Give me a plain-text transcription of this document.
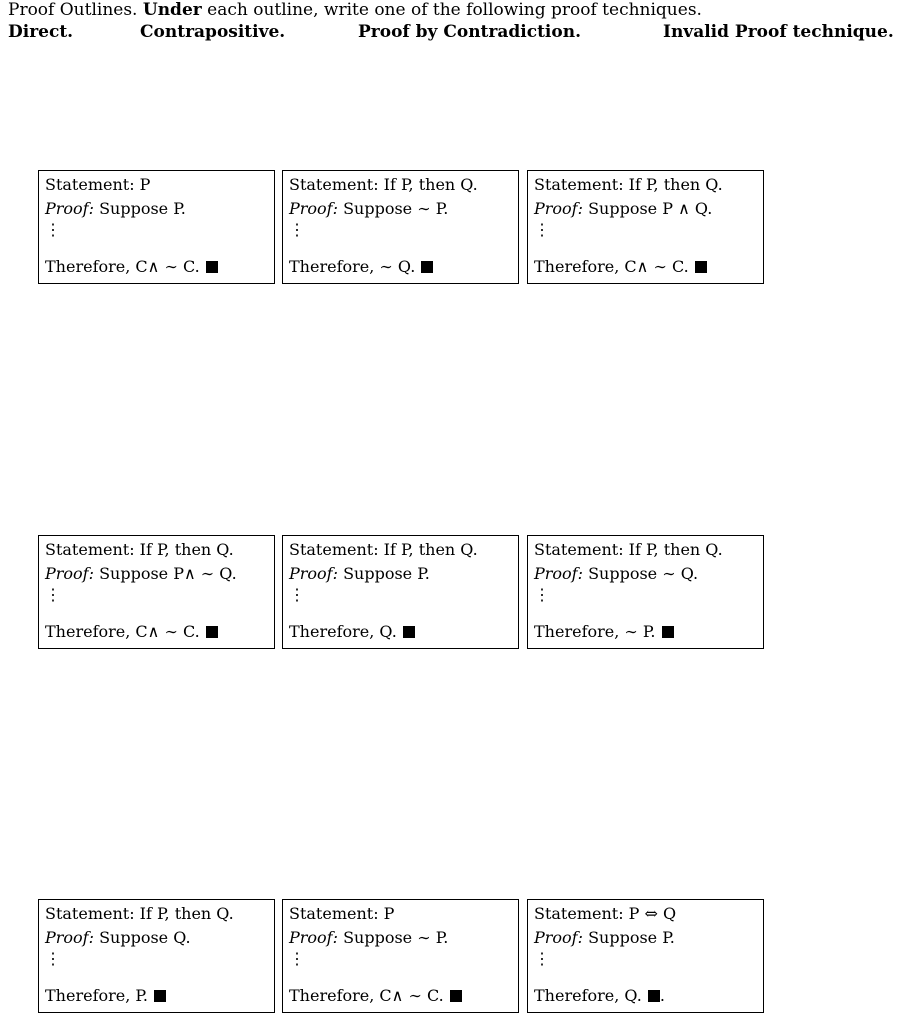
Proof Outlines. Under each outline, write one of the following proof techniques.
Direct.	Contrapositive.	Proof by Contradiction.	Invalid Proof technique.
Statement: P
Proof: Suppose P.
⋮
Therefore, C∧ ∼ C.
Statement: If P, then Q.
Proof: Suppose ∼ P.
⋮
Therefore, ∼ Q.
Statement: If P, then Q.
Proof: Suppose P ∧ Q.
⋮
Therefore, C∧ ∼ C.
Statement: If P, then Q.
Proof: Suppose P∧ ∼ Q.
⋮
Therefore, C∧ ∼ C.
Statement: If P, then Q.
Proof: Suppose P.
⋮
Therefore, Q.
Statement: If P, then Q.
Proof: Suppose ∼ Q.
⋮
Therefore, ∼ P.
Statement: If P, then Q.
Proof: Suppose Q.
⋮
Therefore, P.
Statement: P
Proof: Suppose ∼ P.
⋮
Therefore, C∧ ∼ C.
Statement: P ⇔ Q
Proof: Suppose P.
⋮
Therefore, Q. .
